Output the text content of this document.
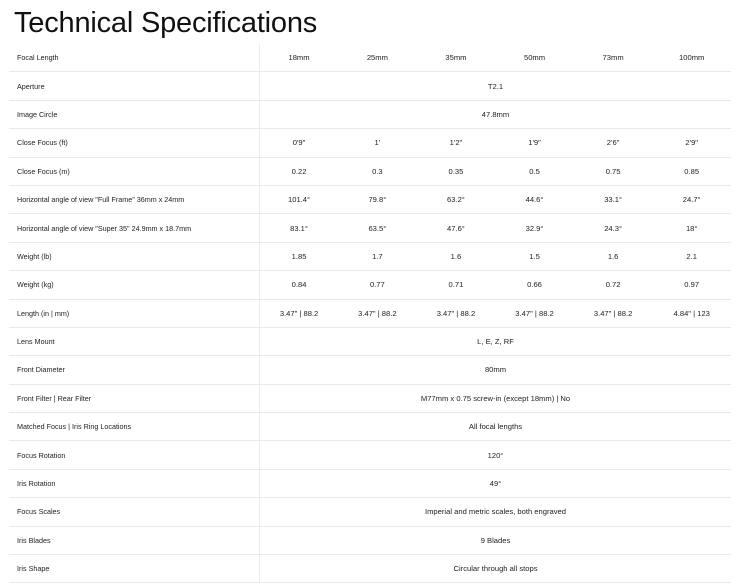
Technical Specifications
Focal Length	18mm	25mm	35mm	50mm	73mm	100mm
Aperture	T2.1					
Image Circle	47.8mm					
Close Focus (ft)	0'9"	1'	1'2"	1'9"	2'6"	2'9"
Close Focus (m)	0.22	0.3	0.35	0.5	0.75	0.85
Horizontal angle of view "Full Frame" 36mm x 24mm	101.4°	79.8°	63.2°	44.6°	33.1°	24.7°
Horizontal angle of view "Super 35" 24.9mm x 18.7mm	83.1°	63.5°	47.6°	32.9°	24.3°	18°
Weight (lb)	1.85	1.7	1.6	1.5	1.6	2.1
Weight (kg)	0.84	0.77	0.71	0.66	0.72	0.97
Length (in | mm)	3.47" | 88.2	3.47" | 88.2	3.47" | 88.2	3.47" | 88.2	3.47" | 88.2	4.84" | 123
Lens Mount	L, E, Z, RF					
Front Diameter	80mm					
Front Filter | Rear Filter	M77mm x 0.75 screw-in (except 18mm) | No					
Matched Focus | Iris Ring Locations	All focal lengths					
Focus Rotation	120°					
Iris Rotation	49°					
Focus Scales	Imperial and metric scales, both engraved					
Iris Blades	9 Blades					
Iris Shape	Circular through all stops					
